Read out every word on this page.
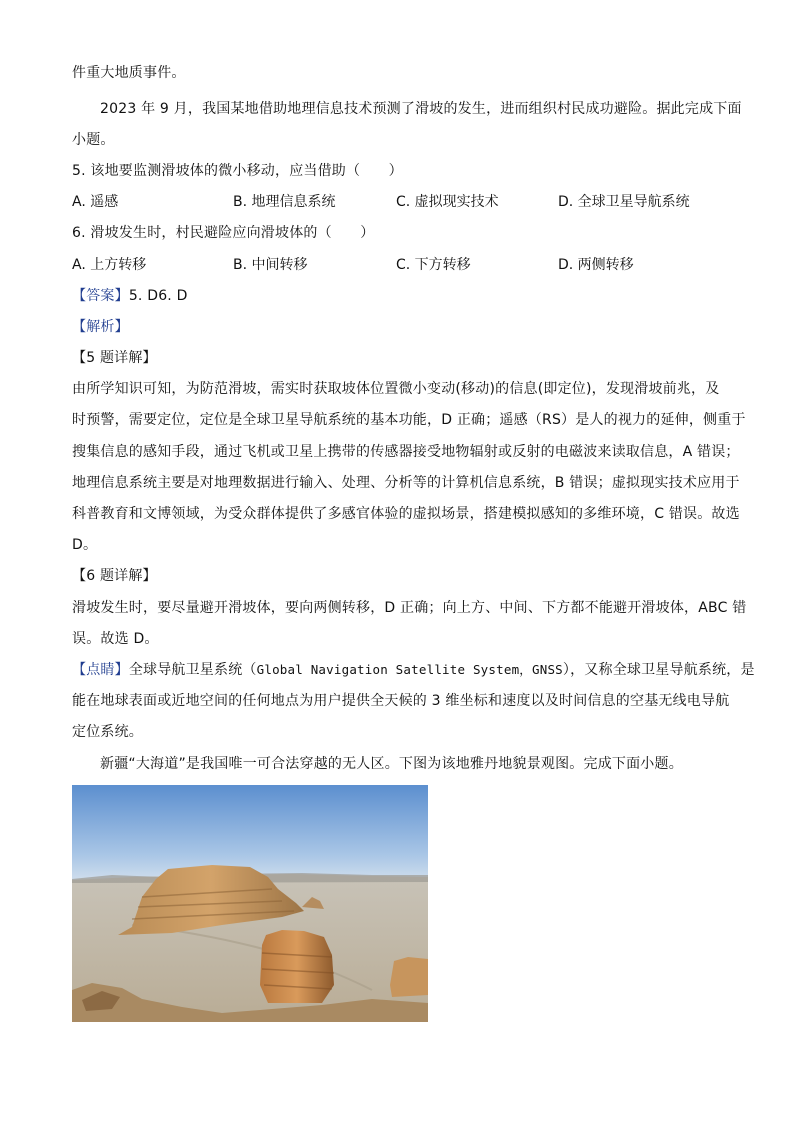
件重大地质事件。
2023 年 9 月，我国某地借助地理信息技术预测了滑坡的发生，进而组织村民成功避险。据此完成下面
小题。
5. 该地要监测滑坡体的微小移动，应当借助（　　）
A. 遥感	B. 地理信息系统	C. 虚拟现实技术	D. 全球卫星导航系统
6. 滑坡发生时，村民避险应向滑坡体的（　　）
A. 上方转移	B. 中间转移	C. 下方转移	D. 两侧转移
【答案】5. D6. D
【解析】
【5 题详解】
由所学知识可知，为防范滑坡，需实时获取坡体位置微小变动(移动)的信息(即定位)，发现滑坡前兆，及
时预警，需要定位，定位是全球卫星导航系统的基本功能，D 正确；遥感（RS）是人的视力的延伸，侧重于
搜集信息的感知手段，通过飞机或卫星上携带的传感器接受地物辐射或反射的电磁波来读取信息，A 错误；
地理信息系统主要是对地理数据进行输入、处理、分析等的计算机信息系统，B 错误；虚拟现实技术应用于
科普教育和文博领域，为受众群体提供了多感官体验的虚拟场景，搭建模拟感知的多维环境，C 错误。故选
D。
【6 题详解】
滑坡发生时，要尽量避开滑坡体，要向两侧转移，D 正确；向上方、中间、下方都不能避开滑坡体，ABC 错
误。故选 D。
【点睛】全球导航卫星系统（Global Navigation Satellite System，GNSS），又称全球卫星导航系统，是
能在地球表面或近地空间的任何地点为用户提供全天候的 3 维坐标和速度以及时间信息的空基无线电导航
定位系统。
新疆“大海道”是我国唯一可合法穿越的无人区。下图为该地雅丹地貌景观图。完成下面小题。
